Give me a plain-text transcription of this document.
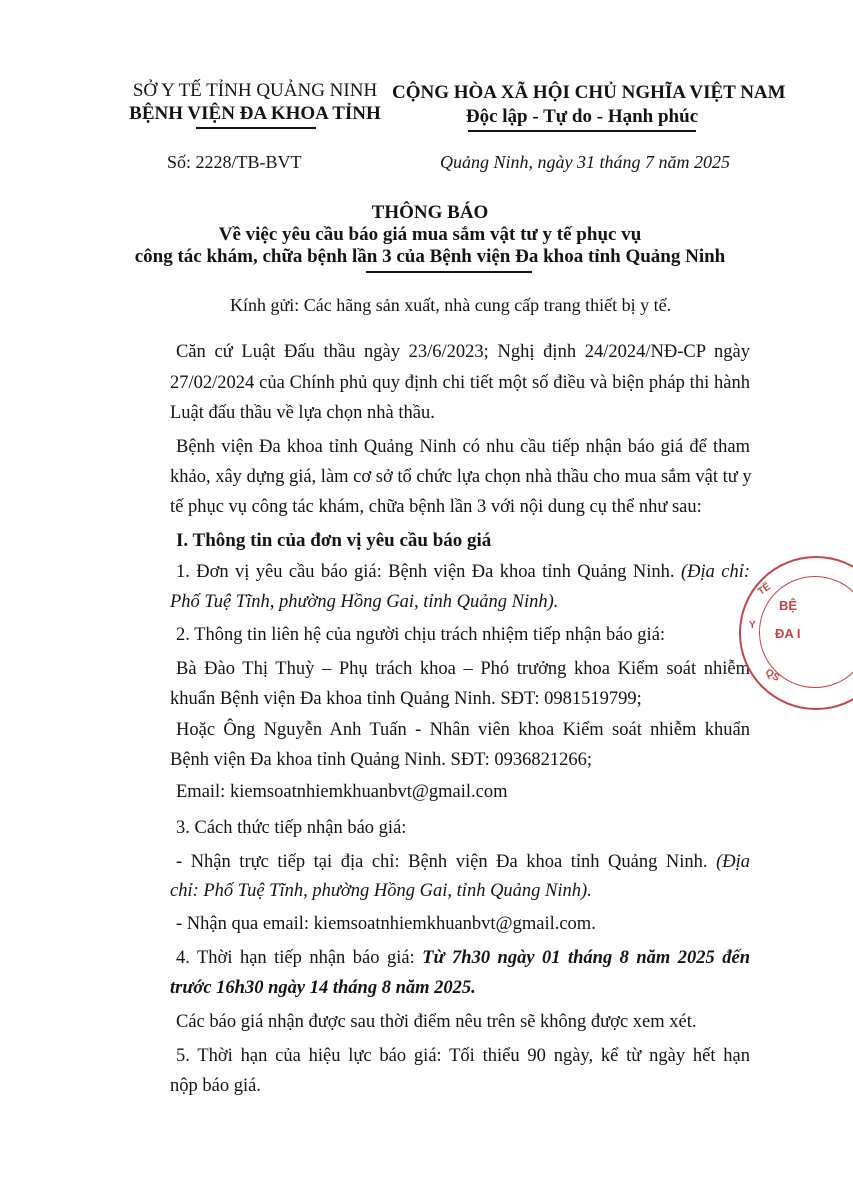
SỞ Y TẾ TỈNH QUẢNG NINH
BỆNH VIỆN ĐA KHOA TỈNH
CỘNG HÒA XÃ HỘI CHỦ NGHĨA VIỆT NAM
Độc lập - Tự do - Hạnh phúc
Số: 2228/TB-BVT	Quảng Ninh, ngày 31 tháng 7 năm 2025
THÔNG BÁO
Về việc yêu cầu báo giá mua sắm vật tư y tế phục vụ
công tác khám, chữa bệnh lần 3 của Bệnh viện Đa khoa tỉnh Quảng Ninh
Kính gửi: Các hãng sản xuất, nhà cung cấp trang thiết bị y tế.
Căn cứ Luật Đấu thầu ngày 23/6/2023; Nghị định 24/2024/NĐ-CP ngày
27/02/2024 của Chính phủ quy định chi tiết một số điều và biện pháp thi hành
Luật đấu thầu về lựa chọn nhà thầu.
Bệnh viện Đa khoa tỉnh Quảng Ninh có nhu cầu tiếp nhận báo giá để tham
khảo, xây dựng giá, làm cơ sở tổ chức lựa chọn nhà thầu cho mua sắm vật tư y
tế phục vụ công tác khám, chữa bệnh lần 3 với nội dung cụ thể như sau:
I. Thông tin của đơn vị yêu cầu báo giá
1. Đơn vị yêu cầu báo giá: Bệnh viện Đa khoa tỉnh Quảng Ninh. (Địa chỉ:
Phố Tuệ Tĩnh, phường Hồng Gai, tỉnh Quảng Ninh).
2. Thông tin liên hệ của người chịu trách nhiệm tiếp nhận báo giá:
Bà Đào Thị Thuỳ – Phụ trách khoa – Phó trưởng khoa Kiểm soát nhiễm
khuẩn Bệnh viện Đa khoa tỉnh Quảng Ninh. SĐT: 0981519799;
Hoặc Ông Nguyễn Anh Tuấn - Nhân viên khoa Kiểm soát nhiễm khuẩn
Bệnh viện Đa khoa tỉnh Quảng Ninh. SĐT: 0936821266;
Email: kiemsoatnhiemkhuanbvt@gmail.com
3. Cách thức tiếp nhận báo giá:
- Nhận trực tiếp tại địa chỉ: Bệnh viện Đa khoa tỉnh Quảng Ninh. (Địa
chỉ: Phố Tuệ Tĩnh, phường Hồng Gai, tỉnh Quảng Ninh).
- Nhận qua email: kiemsoatnhiemkhuanbvt@gmail.com.
4. Thời hạn tiếp nhận báo giá: Từ 7h30 ngày 01 tháng 8 năm 2025 đến
trước 16h30 ngày 14 tháng 8 năm 2025.
Các báo giá nhận được sau thời điểm nêu trên sẽ không được xem xét.
5. Thời hạn của hiệu lực báo giá: Tối thiểu 90 ngày, kể từ ngày hết hạn
nộp báo giá.
BỆ
ĐA I
TẾ
Y
QS
